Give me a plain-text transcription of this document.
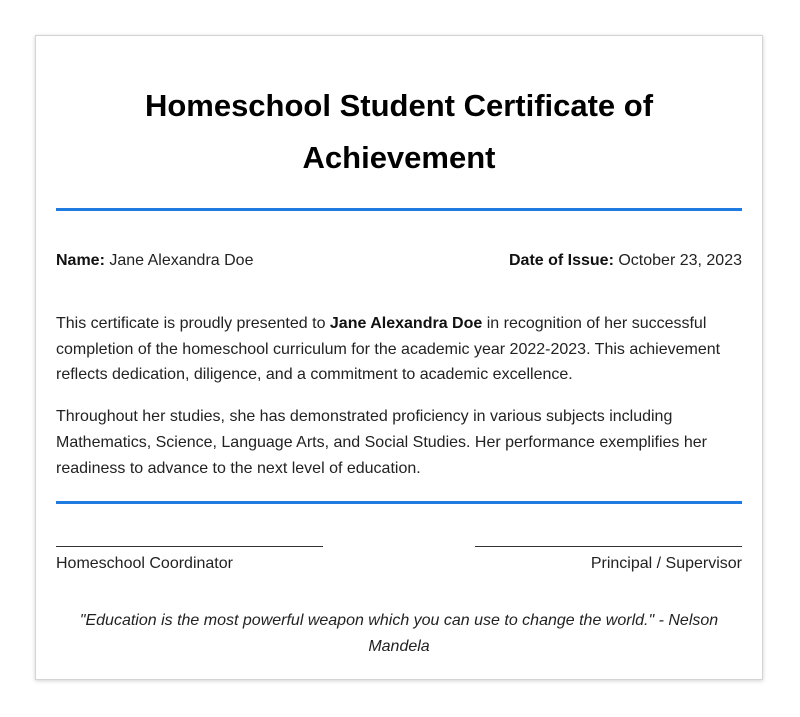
Homeschool Student Certificate of Achievement
Name: Jane Alexandra Doe	Date of Issue: October 23, 2023

This certificate is proudly presented to Jane Alexandra Doe in recognition of her successful completion of the homeschool curriculum for the academic year 2022-2023. This achievement reflects dedication, diligence, and a commitment to academic excellence.

Throughout her studies, she has demonstrated proficiency in various subjects including Mathematics, Science, Language Arts, and Social Studies. Her performance exemplifies her readiness to advance to the next level of education.

Homeschool Coordinator	Principal / Supervisor
"Education is the most powerful weapon which you can use to change the world." - Nelson Mandela
